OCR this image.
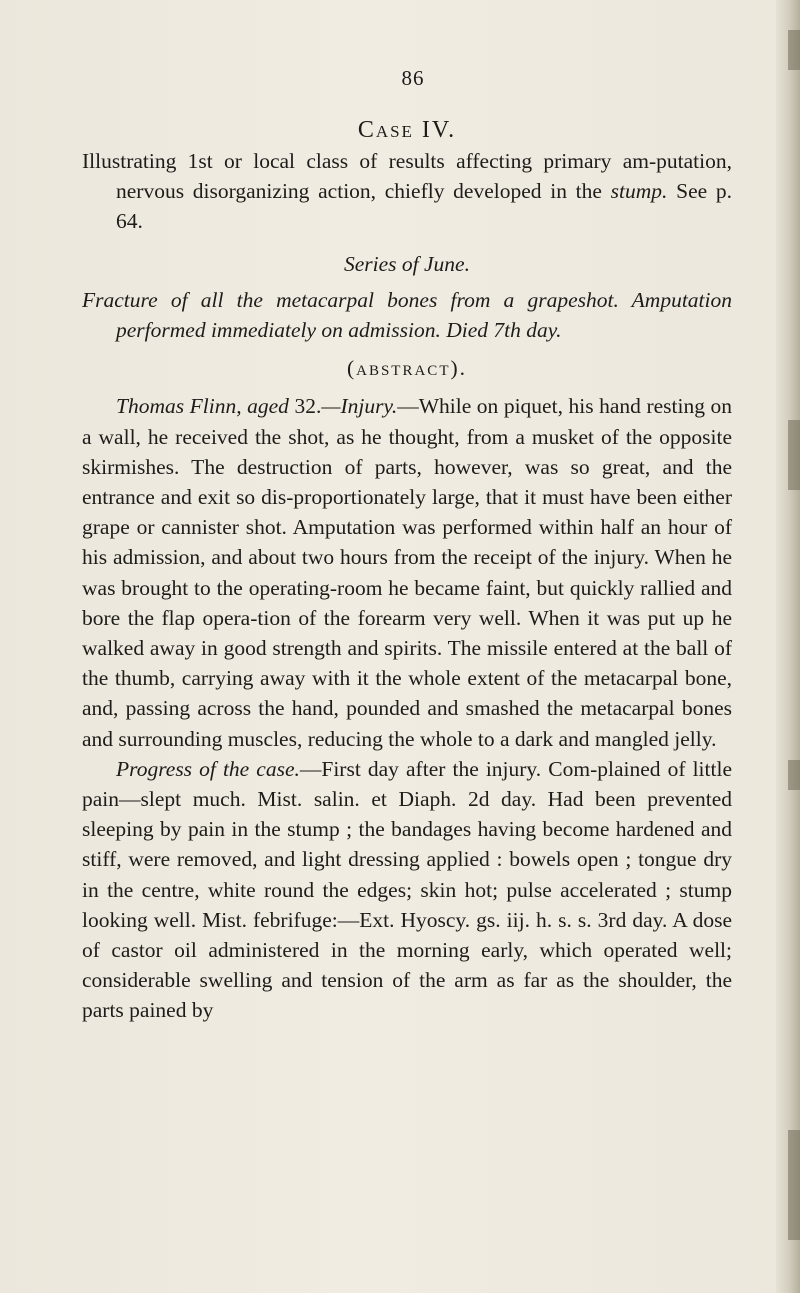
86
Case IV.

Illustrating 1st or local class of results affecting primary am-putation, nervous disorganizing action, chiefly developed in the stump. See p. 64.

Series of June.

Fracture of all the metacarpal bones from a grapeshot. Amputation performed immediately on admission. Died 7th day.

(abstract).

Thomas Flinn, aged 32.—Injury.—While on piquet, his hand resting on a wall, he received the shot, as he thought, from a musket of the opposite skirmishes. The destruction of parts, however, was so great, and the entrance and exit so dis-proportionately large, that it must have been either grape or cannister shot. Amputation was performed within half an hour of his admission, and about two hours from the receipt of the injury. When he was brought to the operating-room he became faint, but quickly rallied and bore the flap opera-tion of the forearm very well. When it was put up he walked away in good strength and spirits. The missile entered at the ball of the thumb, carrying away with it the whole extent of the metacarpal bone, and, passing across the hand, pounded and smashed the metacarpal bones and surrounding muscles, reducing the whole to a dark and mangled jelly.

Progress of the case.—First day after the injury. Com-plained of little pain—slept much. Mist. salin. et Diaph. 2d day. Had been prevented sleeping by pain in the stump ; the bandages having become hardened and stiff, were removed, and light dressing applied : bowels open ; tongue dry in the centre, white round the edges; skin hot; pulse accelerated ; stump looking well. Mist. febrifuge:—Ext. Hyoscy. gs. iij. h. s. s. 3rd day. A dose of castor oil administered in the morning early, which operated well; considerable swelling and tension of the arm as far as the shoulder, the parts pained by
